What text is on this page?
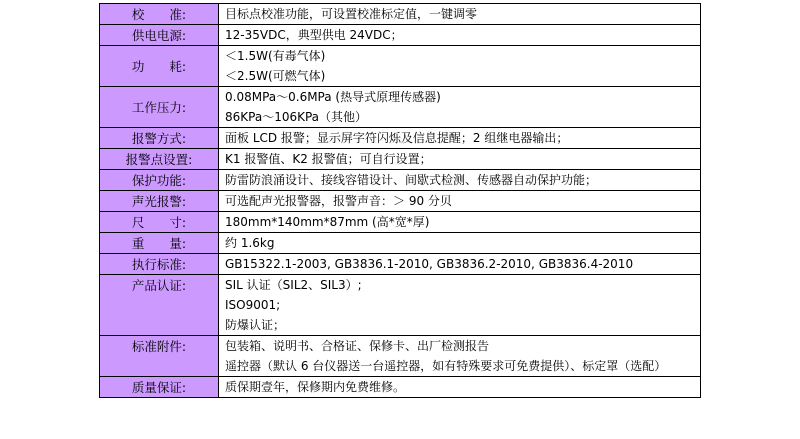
校　　准:	目标点校准功能，可设置校准标定值，一键调零

供电电源:	12-35VDC，典型供电 24VDC；

功　　耗:	＜1.5W(有毒气体)
＜2.5W(可燃气体)

工作压力:	0.08MPa～0.6MPa (热导式原理传感器)
86KPa～106KPa（其他）

报警方式:	面板 LCD 报警；显示屏字符闪烁及信息提醒；2 组继电器输出；

报警点设置:	K1 报警值、K2 报警值；可自行设置；

保护功能:	防雷防浪涌设计、接线容错设计、间歇式检测、传感器自动保护功能；

声光报警:	可选配声光报警器，报警声音：＞ 90 分贝

尺　　寸:	180mm*140mm*87mm (高*宽*厚)

重　　量:	约 1.6kg

执行标准:	GB15322.1-2003, GB3836.1-2010, GB3836.2-2010, GB3836.4-2010

产品认证:	SIL 认证（SIL2、SIL3）;
ISO9001;
防爆认证；

标准附件:	包装箱、说明书、合格证、保修卡、出厂检测报告
遥控器（默认 6 台仪器送一台遥控器，如有特殊要求可免费提供）、标定罩（选配）

质量保证:	质保期壹年，保修期内免费维修。
